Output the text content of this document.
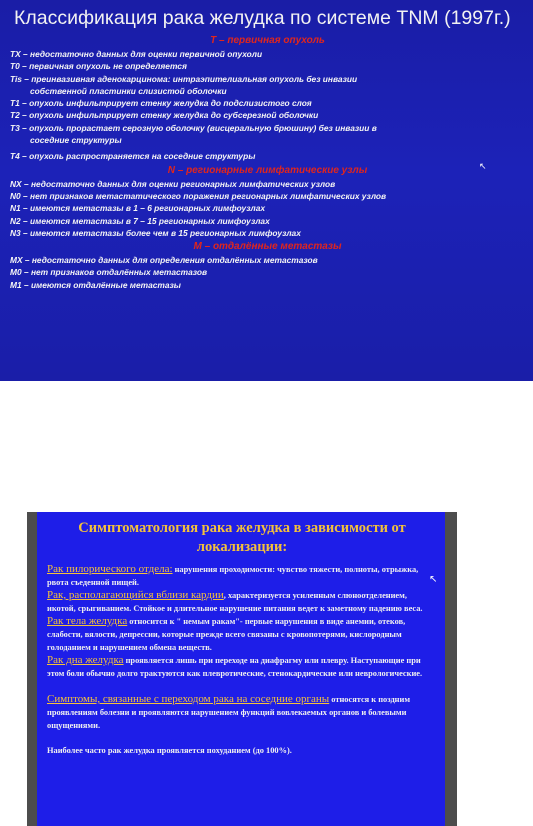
Классификация рака желудка по системе TNM (1997г.)
T – первичная опухоль
TX – недостаточно данных для оценки первичной опухоли
T0 – первичная опухоль не определяется
Tis – преинвазивная аденокарцинома: интраэпителиальная опухоль без инвазии
собственной пластинки слизистой оболочки
T1 – опухоль инфильтрирует стенку желудка до подслизистого слоя
T2 – опухоль инфильтрирует стенку желудка до субсерезной оболочки
T3 – опухоль прорастает серозную оболочку (висцеральную брюшину) без инвазии в
соседние структуры
T4 – опухоль распространяется на соседние структуры
N – регионарные лимфатические узлы
NX – недостаточно данных для оценки регионарных лимфатических узлов
N0 – нет признаков метастатического поражения регионарных лимфатических узлов
N1 – имеются метастазы в 1 – 6 регионарных лимфоузлах
N2 – имеются метастазы в 7 – 15 регионарных лимфоузлах
N3 – имеются метастазы более чем в 15 регионарных лимфоузлах
M – отдалённые метастазы
MX – недостаточно данных для определения отдалённых метастазов
M0 – нет признаков отдалённых метастазов
M1 – имеются отдалённые метастазы
↖
Симптоматология рака желудка в зависимости от локализации:

Рак пилорического отдела: нарушения проходимости: чувство тяжести, полноты, отрыжка, рвота съеденной пищей.

Рак, располагающийся вблизи кардии, характеризуется усиленным слюноотделением, икотой, срыгиванием. Стойкое и длительное нарушение питания ведет к заметному падению веса.

Рак тела желудка относится к " немым ракам"- первые нарушения в виде анемии, отеков, слабости, вялости, депрессии, которые прежде всего связаны с кровопотерями, кислородным голоданием и нарушением обмена веществ.

Рак дна желудка проявляется лишь при переходе на диафрагму или плевру. Наступающие при этом боли обычно долго трактуются как плевротические, стенокардические или неврологические.

Симптомы, связанные с переходом рака на соседние органы относятся к поздним проявлениям болезни и проявляются нарушением функций вовлекаемых органов и болевыми ощущениями.

Наиболее часто рак желудка проявляется похуданием (до 100%).

↖
